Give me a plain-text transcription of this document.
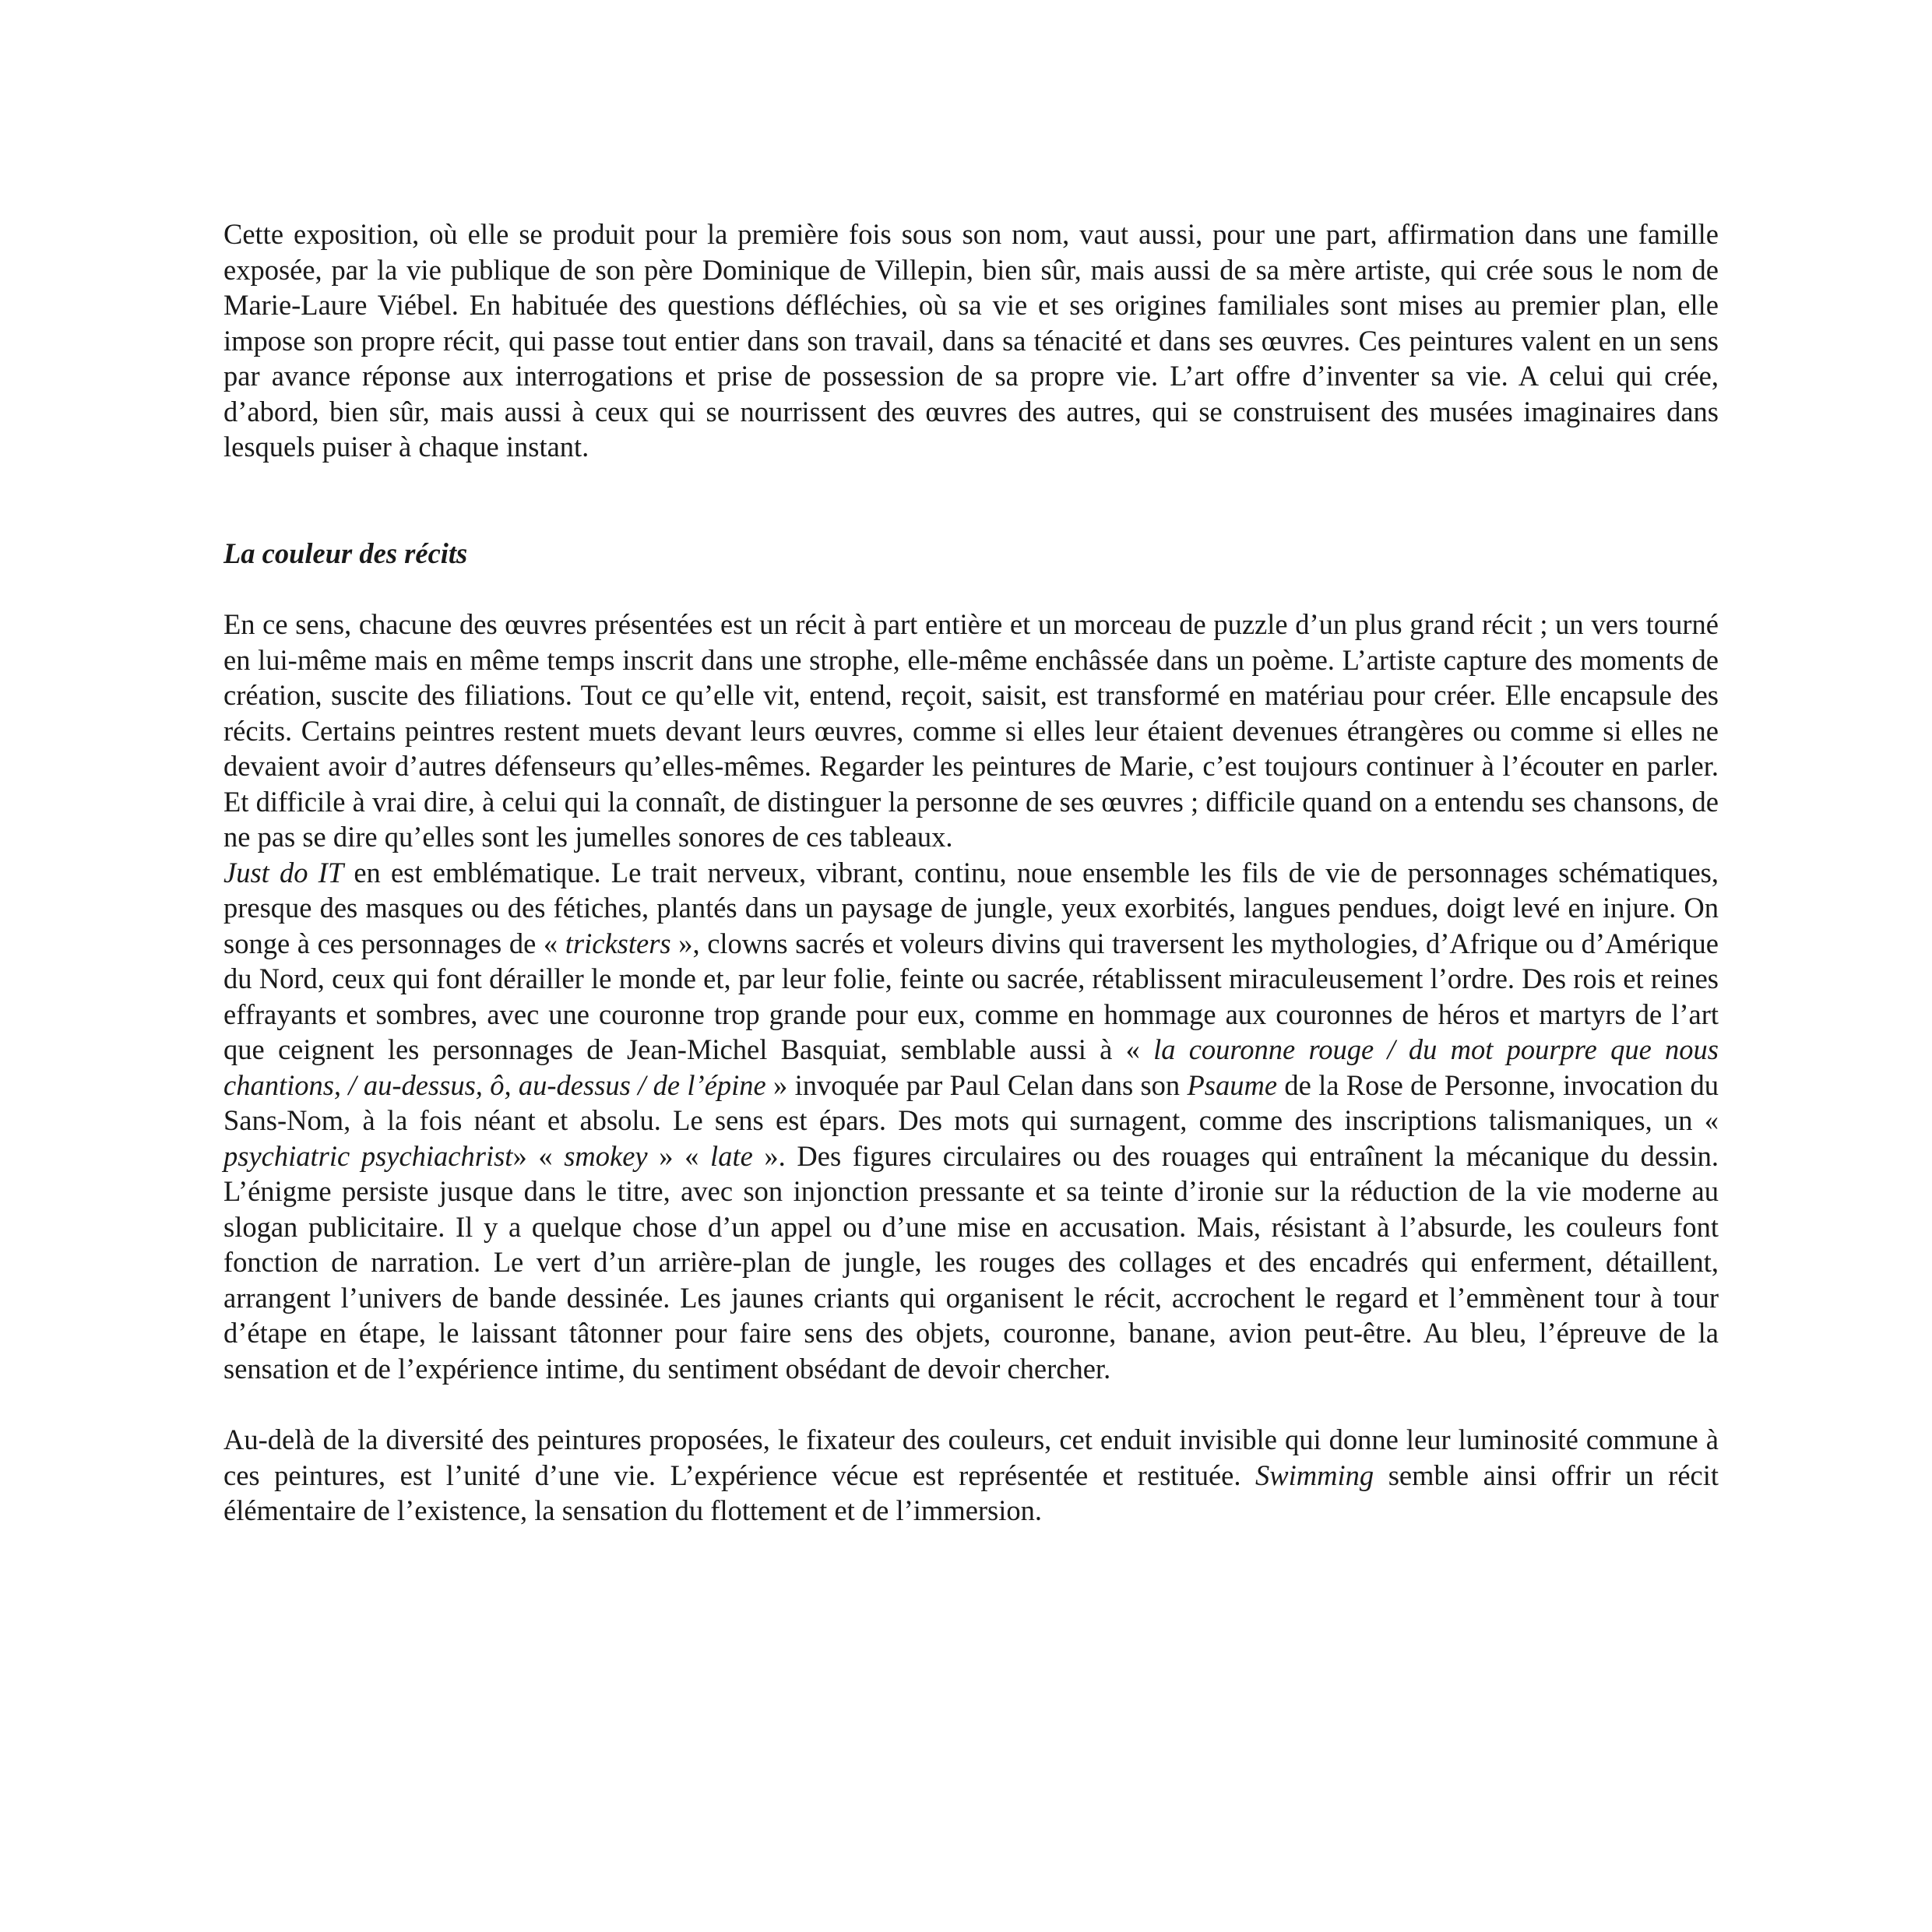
Cette exposition, où elle se produit pour la première fois sous son nom, vaut aussi, pour une part, affirmation dans une famille exposée, par la vie publique de son père Dominique de Villepin, bien sûr, mais aussi de sa mère artiste, qui crée sous le nom de Marie-Laure Viébel. En habituée des questions défléchies, où sa vie et ses origines familiales sont mises au premier plan, elle impose son propre récit, qui passe tout entier dans son travail, dans sa ténacité et dans ses œuvres. Ces peintures valent en un sens par avance réponse aux interrogations et prise de possession de sa propre vie. L’art offre d’inventer sa vie. A celui qui crée, d’abord, bien sûr, mais aussi à ceux qui se nourrissent des œuvres des autres, qui se construisent des musées imaginaires dans lesquels puiser à chaque instant.

La couleur des récits

En ce sens, chacune des œuvres présentées est un récit à part entière et un morceau de puzzle d’un plus grand récit ; un vers tourné en lui-même mais en même temps inscrit dans une strophe, elle-même enchâssée dans un poème. L’artiste capture des moments de création, suscite des filiations. Tout ce qu’elle vit, entend, reçoit, saisit, est transformé en matériau pour créer. Elle encapsule des récits. Certains peintres restent muets devant leurs œuvres, comme si elles leur étaient devenues étrangères ou comme si elles ne devaient avoir d’autres défenseurs qu’elles-mêmes. Regarder les peintures de Marie, c’est toujours continuer à l’écouter en parler. Et difficile à vrai dire, à celui qui la connaît, de distinguer la personne de ses œuvres ; difficile quand on a entendu ses chansons, de ne pas se dire qu’elles sont les jumelles sonores de ces tableaux.

Just do IT en est emblématique. Le trait nerveux, vibrant, continu, noue ensemble les fils de vie de personnages schématiques, presque des masques ou des fétiches, plantés dans un paysage de jungle, yeux exorbités, langues pendues, doigt levé en injure. On songe à ces personnages de « tricksters », clowns sacrés et voleurs divins qui traversent les mythologies, d’Afrique ou d’Amérique du Nord, ceux qui font dérailler le monde et, par leur folie, feinte ou sacrée, rétablissent miraculeusement l’ordre. Des rois et reines effrayants et sombres, avec une couronne trop grande pour eux, comme en hommage aux couronnes de héros et martyrs de l’art que ceignent les personnages de Jean-Michel Basquiat, semblable aussi à « la couronne rouge / du mot pourpre que nous chantions, / au-dessus, ô, au-dessus / de l’épine » invoquée par Paul Celan dans son Psaume de la Rose de Personne, invocation du Sans-Nom, à la fois néant et absolu. Le sens est épars. Des mots qui surnagent, comme des inscriptions talismaniques, un « psychiatric psychiachrist» « smokey » « late ». Des figures circulaires ou des rouages qui entraînent la mécanique du dessin. L’énigme persiste jusque dans le titre, avec son injonction pressante et sa teinte d’ironie sur la réduction de la vie moderne au slogan publicitaire. Il y a quelque chose d’un appel ou d’une mise en accusation. Mais, résistant à l’absurde, les couleurs font fonction de narration. Le vert d’un arrière-plan de jungle, les rouges des collages et des encadrés qui enferment, détaillent, arrangent l’univers de bande dessinée. Les jaunes criants qui organisent le récit, accrochent le regard et l’emmènent tour à tour d’étape en étape, le laissant tâtonner pour faire sens des objets, couronne, banane, avion peut-être. Au bleu, l’épreuve de la sensation et de l’expérience intime, du sentiment obsédant de devoir chercher.

Au-delà de la diversité des peintures proposées, le fixateur des couleurs, cet enduit invisible qui donne leur luminosité commune à ces peintures, est l’unité d’une vie. L’expérience vécue est représentée et restituée. Swimming semble ainsi offrir un récit élémentaire de l’existence, la sensation du flottement et de l’immersion.
